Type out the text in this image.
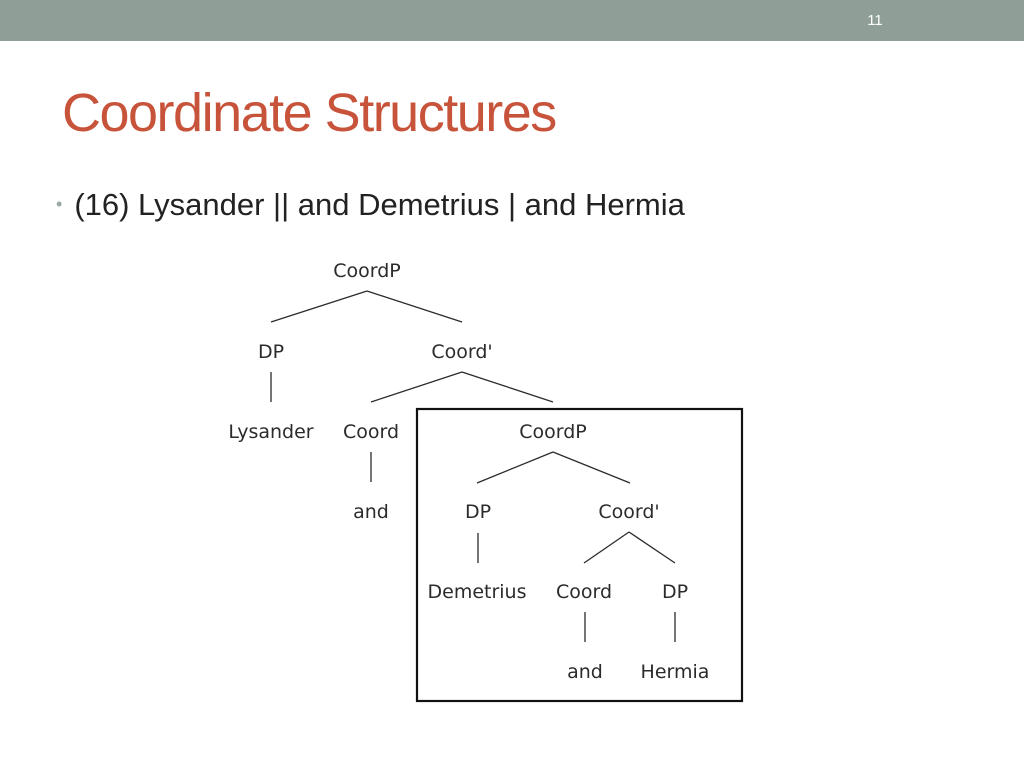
11
Coordinate Structures
• (16) Lysander || and Demetrius | and Hermia
CoordP
DP	Coord'
Lysander Coord
and
CoordP
DP	Coord'
Demetrius Coord	DP
and Hermia
